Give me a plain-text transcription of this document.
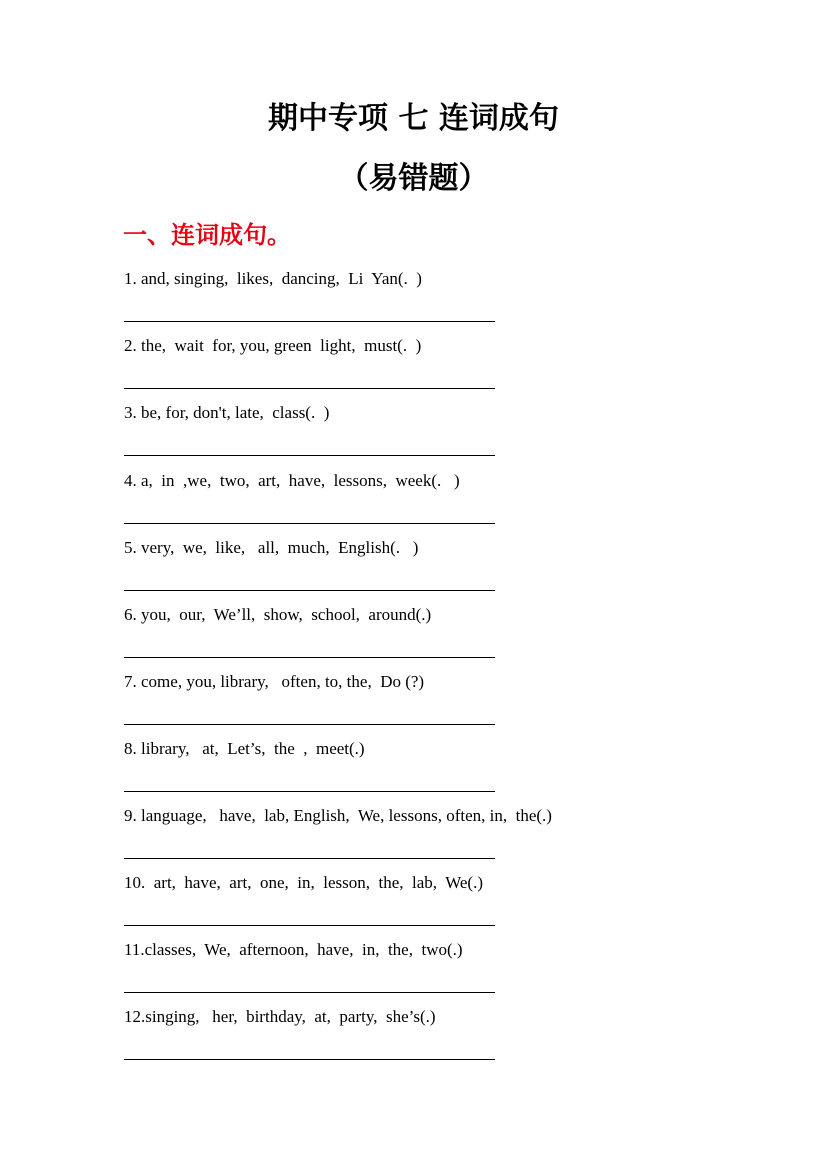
期中专项 七 连词成句
（易错题）
一、连词成句。

1. and, singing,  likes,  dancing,  Li  Yan(.  )

2. the,  wait  for, you, green  light,  must(.  )

3. be, for, don't, late,  class(.  )

4. a,  in  ,we,  two,  art,  have,  lessons,  week(.   )

5. very,  we,  like,   all,  much,  English(.   )

6. you,  our,  We’ll,  show,  school,  around(.)

7. come, you, library,   often, to, the,  Do (?)

8. library,   at,  Let’s,  the  ,  meet(.)

9. language,   have,  lab, English,  We, lessons, often, in,  the(.)

10.  art,  have,  art,  one,  in,  lesson,  the,  lab,  We(.)

11.classes,  We,  afternoon,  have,  in,  the,  two(.)

12.singing,   her,  birthday,  at,  party,  she’s(.)
